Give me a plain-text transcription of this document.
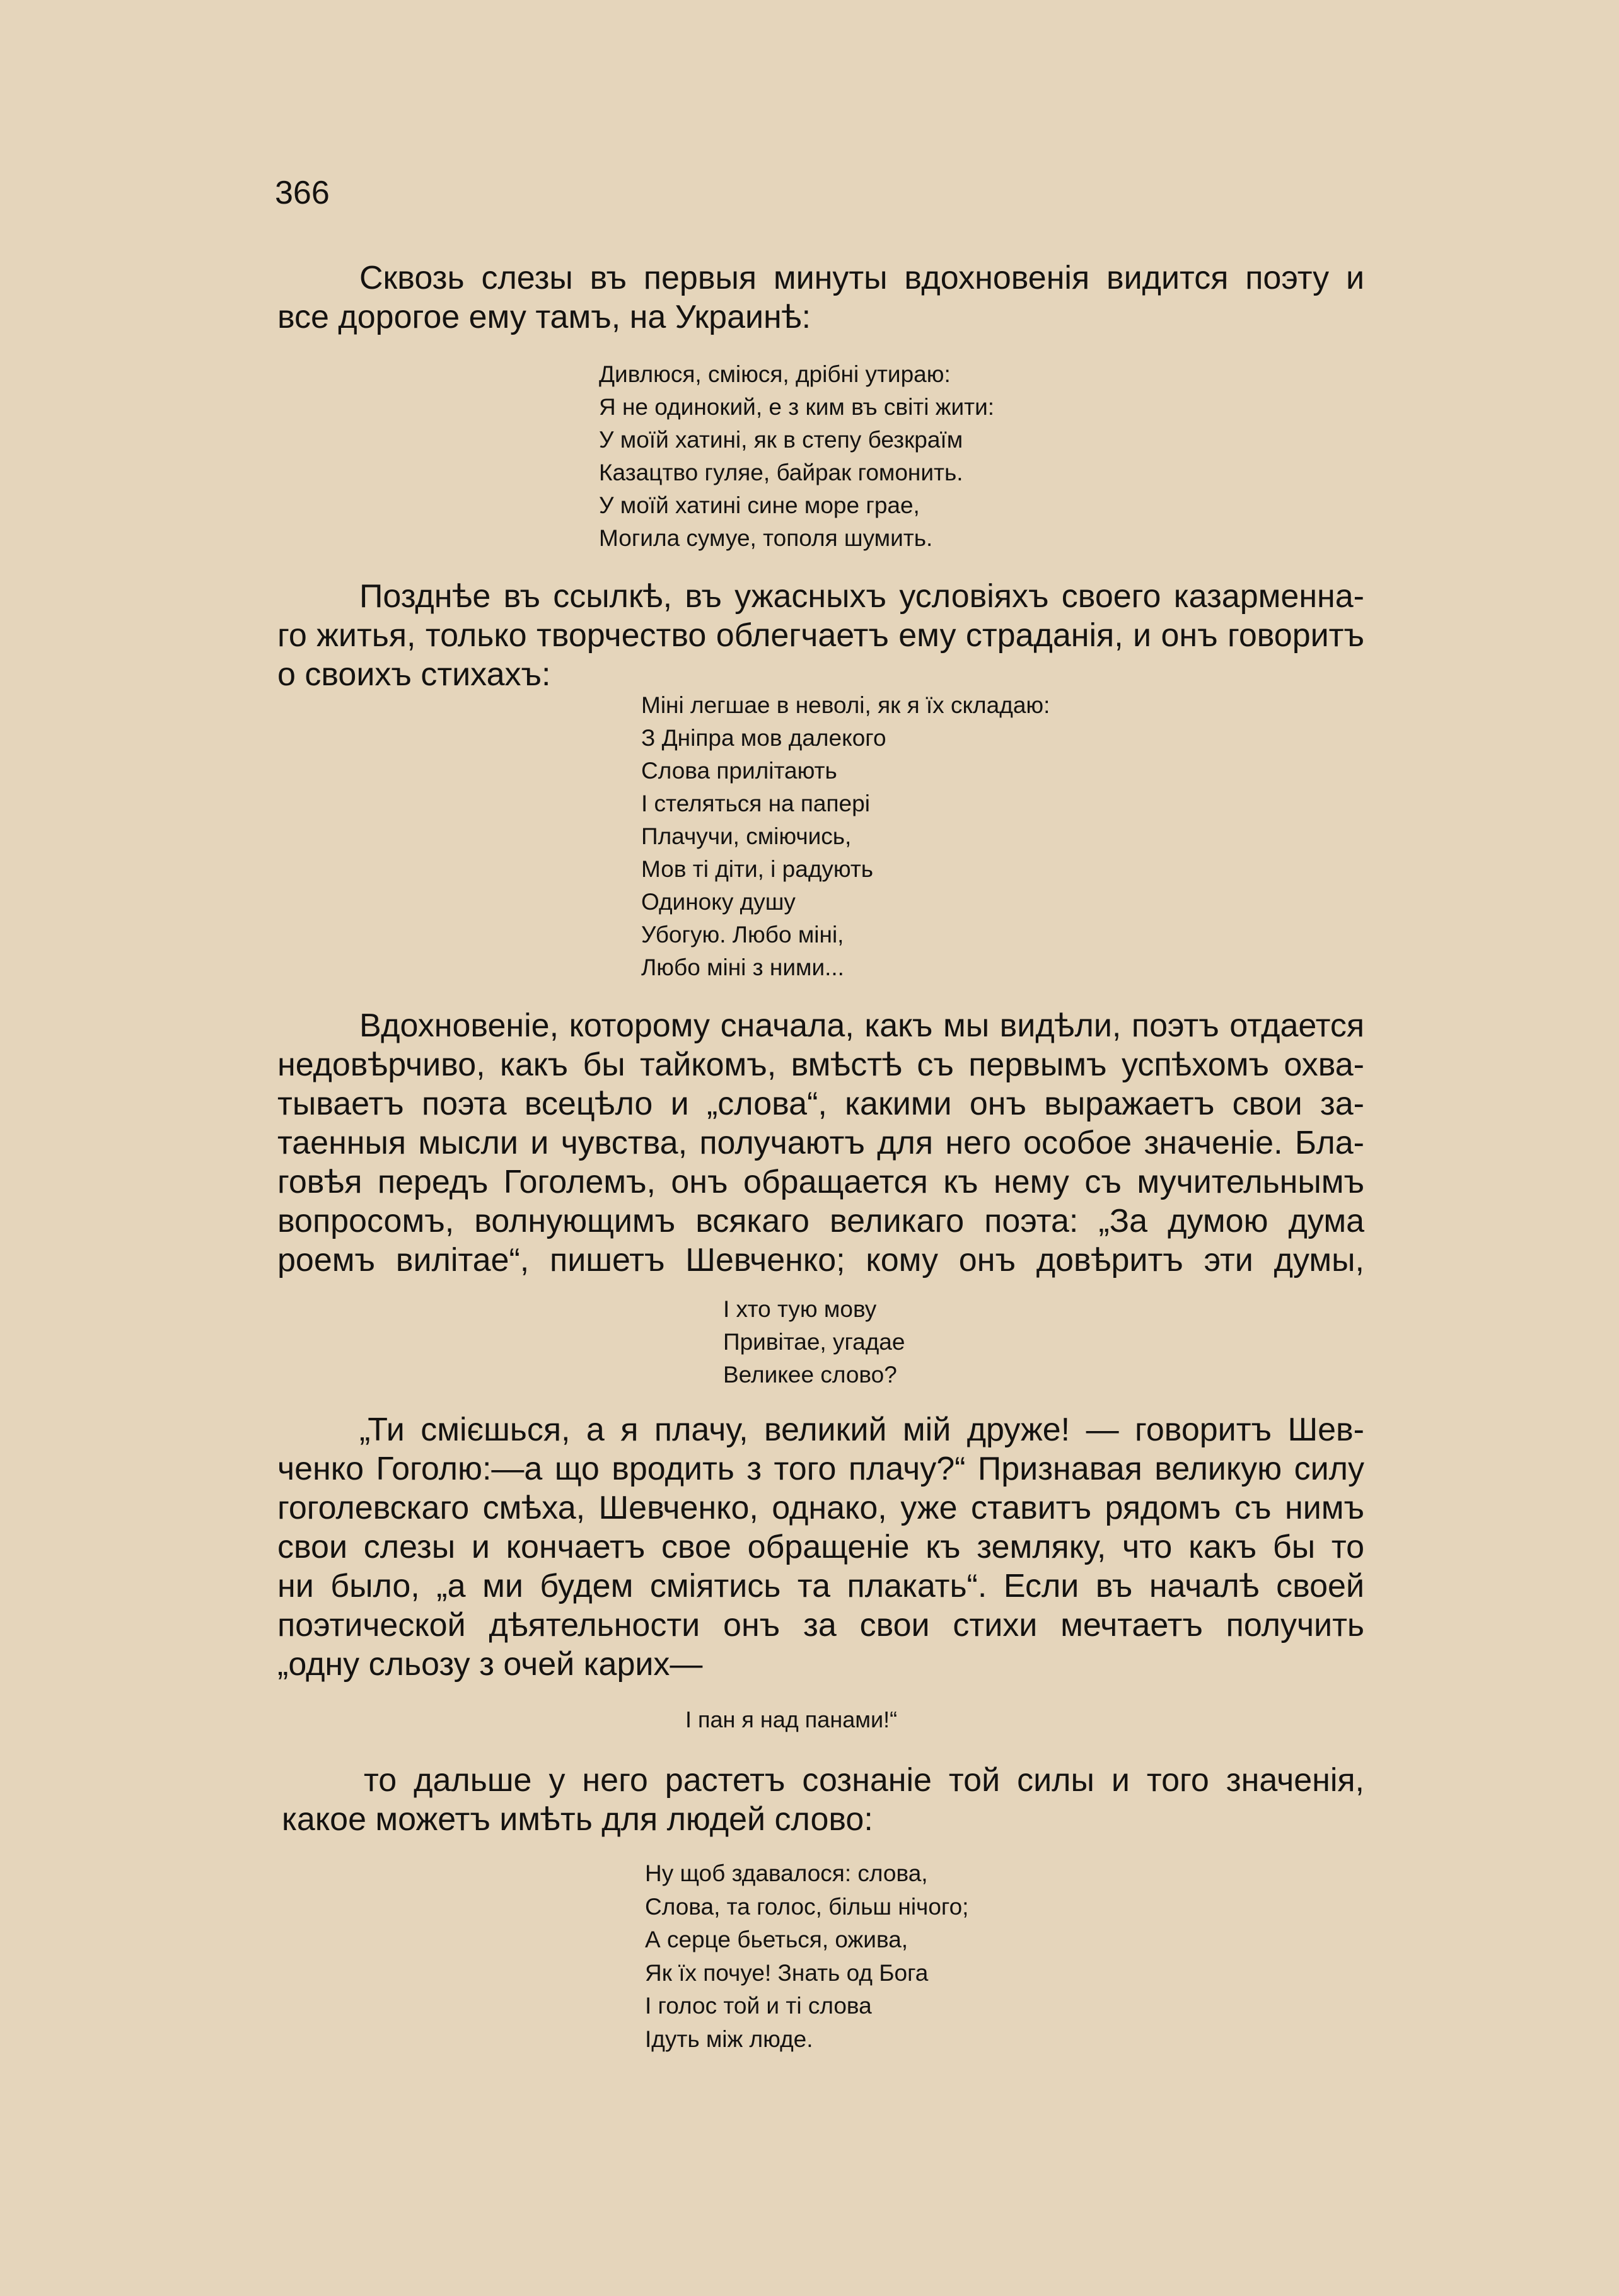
366

Сквозь слезы въ первыя минуты вдохновенія видится поэту и
все дорогое ему тамъ, на Украинѣ:

Дивлюся, сміюся, дрібні утираю:
Я не одинокий, е з ким въ світі жити:
У моїй хатині, як в степу безкраїм
Казацтво гуляе, байрак гомонить.
У моїй хатині сине море грае,
Могила сумуе, тополя шумить.

Позднѣе въ ссылкѣ, въ ужасныхъ условіяхъ своего казарменна-
го житья, только творчество облегчаетъ ему страданія, и онъ говоритъ
о своихъ стихахъ:

Міні легшае в неволі, як я їх складаю:
З Дніпра мов далекого
Слова прилітають
І стеляться на папері
Плачучи, сміючись,
Мов ті діти, і радують
Одиноку душу
Убогую. Любо міні,
Любо міні з ними...

Вдохновеніе, которому сначала, какъ мы видѣли, поэтъ отдается
недовѣрчиво, какъ бы тайкомъ, вмѣстѣ съ первымъ успѣхомъ охва-
тываетъ поэта всецѣло и „слова“, какими онъ выражаетъ свои за-
таенныя мысли и чувства, получаютъ для него особое значеніе. Бла-
говѣя передъ Гоголемъ, онъ обращается къ нему съ мучительнымъ
вопросомъ, волнующимъ всякаго великаго поэта: „За думою дума
роемъ вилітае“, пишетъ Шевченко; кому онъ довѣритъ эти думы,

І хто тую мову
Привітае, угадае
Великее слово?

„Ти смієшься, а я плачу, великий мій друже! — говоритъ Шев-
ченко Гоголю:—а що вродить з того плачу?“ Признавая великую силу
гоголевскаго смѣха, Шевченко, однако, уже ставитъ рядомъ съ нимъ
свои слезы и кончаетъ свое обращеніе къ земляку, что какъ бы то
ни было, „а ми будем сміятись та плакать“. Если въ началѣ своей
поэтической дѣятельности онъ за свои стихи мечтаетъ получить
„одну сльозу з очей карих—

І пан я над панами!“

то дальше у него растетъ сознаніе той силы и того значенія,
какое можетъ имѣть для людей слово:

Ну щоб здавалося: слова,
Слова, та голос, більш нічого;
А серце бьеться, ожива,
Як їх почуе! Знать од Бога
І голос той и ті слова
Ідуть між люде.
